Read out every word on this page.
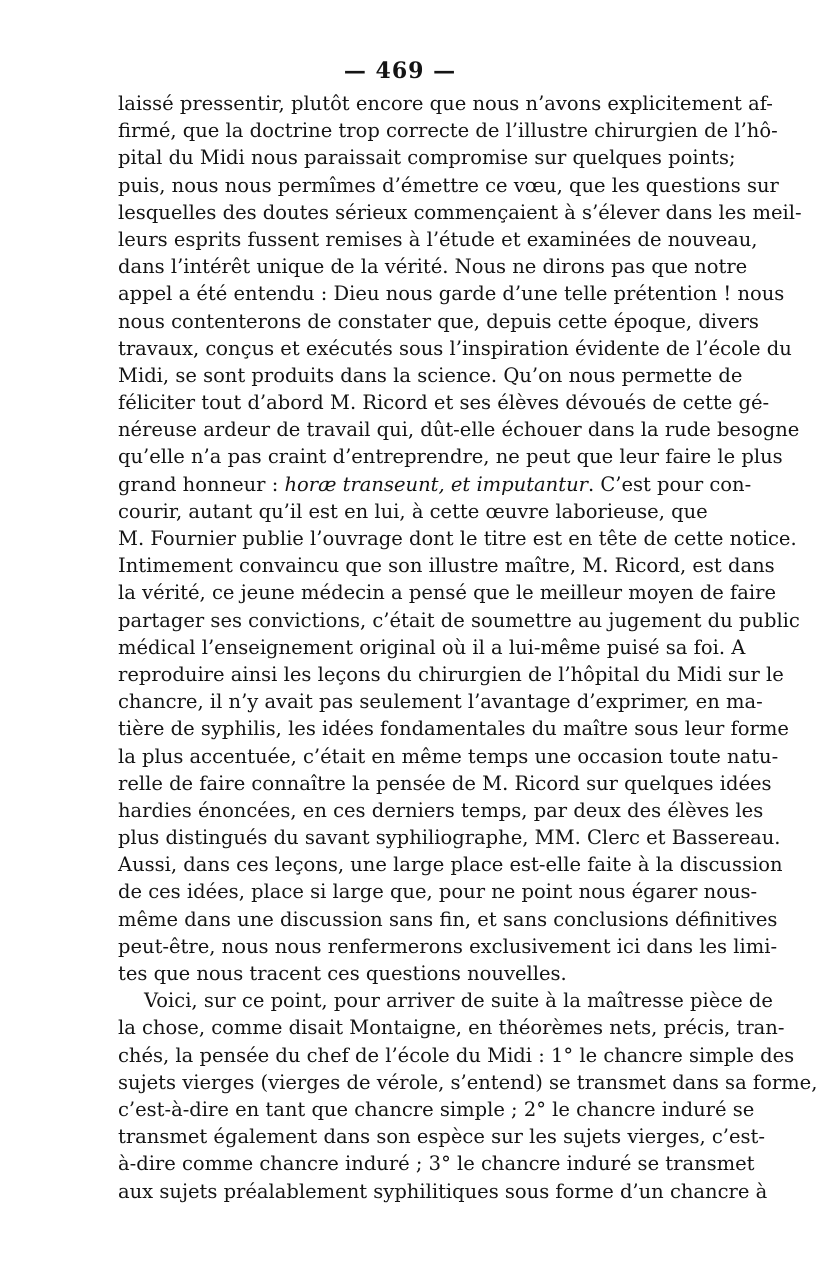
— 469 —
laissé pressentir, plutôt encore que nous n’avons explicitement af-
firmé, que la doctrine trop correcte de l’illustre chirurgien de l’hô-
pital du Midi nous paraissait compromise sur quelques points;
puis, nous nous permîmes d’émettre ce vœu, que les questions sur
lesquelles des doutes sérieux commençaient à s’élever dans les meil-
leurs esprits fussent remises à l’étude et examinées de nouveau,
dans l’intérêt unique de la vérité. Nous ne dirons pas que notre
appel a été entendu : Dieu nous garde d’une telle prétention ! nous
nous contenterons de constater que, depuis cette époque, divers
travaux, conçus et exécutés sous l’inspiration évidente de l’école du
Midi, se sont produits dans la science. Qu’on nous permette de
féliciter tout d’abord M. Ricord et ses élèves dévoués de cette gé-
néreuse ardeur de travail qui, dût-elle échouer dans la rude besogne
qu’elle n’a pas craint d’entreprendre, ne peut que leur faire le plus
grand honneur : horæ transeunt, et imputantur. C’est pour con-
courir, autant qu’il est en lui, à cette œuvre laborieuse, que
M. Fournier publie l’ouvrage dont le titre est en tête de cette notice.
Intimement convaincu que son illustre maître, M. Ricord, est dans
la vérité, ce jeune médecin a pensé que le meilleur moyen de faire
partager ses convictions, c’était de soumettre au jugement du public
médical l’enseignement original où il a lui-même puisé sa foi. A
reproduire ainsi les leçons du chirurgien de l’hôpital du Midi sur le
chancre, il n’y avait pas seulement l’avantage d’exprimer, en ma-
tière de syphilis, les idées fondamentales du maître sous leur forme
la plus accentuée, c’était en même temps une occasion toute natu-
relle de faire connaître la pensée de M. Ricord sur quelques idées
hardies énoncées, en ces derniers temps, par deux des élèves les
plus distingués du savant syphiliographe, MM. Clerc et Bassereau.
Aussi, dans ces leçons, une large place est-elle faite à la discussion
de ces idées, place si large que, pour ne point nous égarer nous-
même dans une discussion sans fin, et sans conclusions définitives
peut-être, nous nous renfermerons exclusivement ici dans les limi-
tes que nous tracent ces questions nouvelles.
Voici, sur ce point, pour arriver de suite à la maîtresse pièce de
la chose, comme disait Montaigne, en théorèmes nets, précis, tran-
chés, la pensée du chef de l’école du Midi : 1° le chancre simple des
sujets vierges (vierges de vérole, s’entend) se transmet dans sa forme,
c’est-à-dire en tant que chancre simple ; 2° le chancre induré se
transmet également dans son espèce sur les sujets vierges, c’est-
à-dire comme chancre induré ; 3° le chancre induré se transmet
aux sujets préalablement syphilitiques sous forme d’un chancre à
